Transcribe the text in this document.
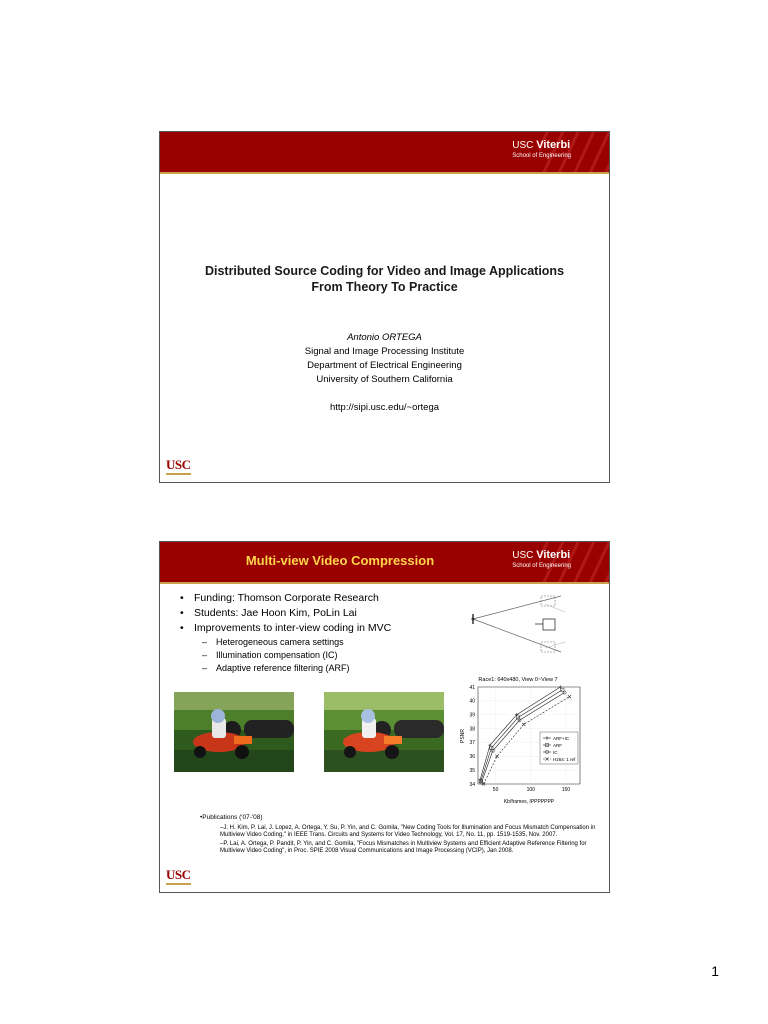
USC Viterbi
School of Engineering
Distributed Source Coding for Video and Image Applications
From Theory To Practice
Antonio ORTEGA
Signal and Image Processing Institute
Department of Electrical Engineering
University of Southern California
http://sipi.usc.edu/~ortega
USC
Multi-view Video Compression	USC Viterbi
School of Engineering
• Funding: Thomson Corporate Research
• Students: Jae Hoon Kim, PoLin Lai
• Improvements to inter-view coding in MVC
– Heterogeneous camera settings
– Illumination compensation (IC)
– Adaptive reference filtering (ARF)
Race1: 640x480, View 0~View 7
34
35
36
37
38
39
40
41
50	100	150
PSNR
Kb/frames, IPPPPPPP
ARF+IC
ARF
IC
H264: 1 ref
•Publications ('07-'08)
–J. H. Kim, P. Lai, J. Lopez, A. Ortega, Y. Su, P. Yin, and C. Gomila, "New Coding Tools for Illumination and Focus Mismatch Compensation in Multiview Video Coding," in IEEE Trans. Circuits and Systems for Video Technology, Vol. 17, No. 11, pp. 1519-1535, Nov. 2007.
–P. Lai, A. Ortega, P. Pandit, P. Yin, and C. Gomila, "Focus Mismatches in Multiview Systems and Efficient Adaptive Reference Filtering for Multiview Video Coding", in Proc. SPIE 2008 Visual Communications and Image Processing (VCIP), Jan 2008.
USC
1
